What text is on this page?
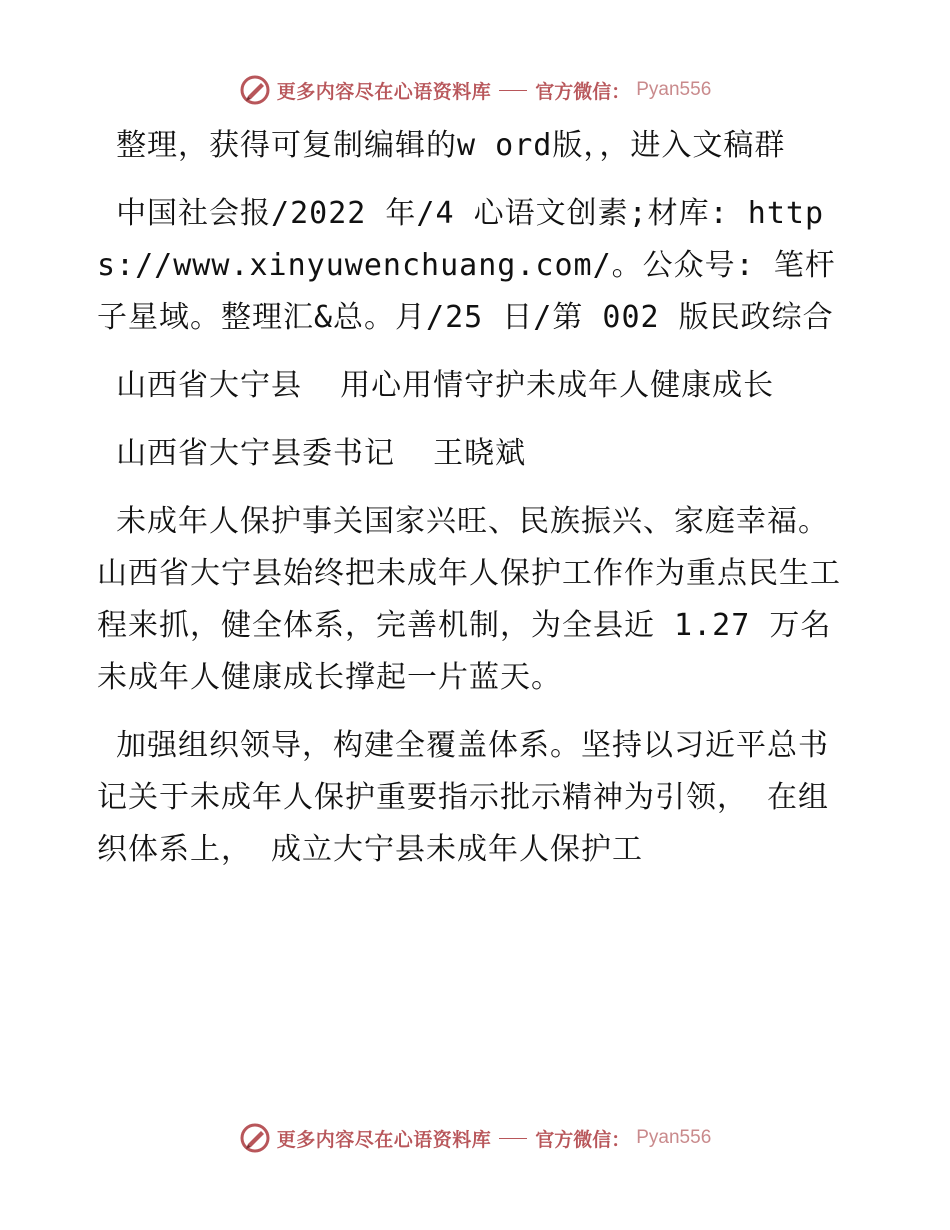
更多内容尽在心语资料库 官方微信： Pyan556

整理，获得可复制编辑的w ord版，，进入文稿群

中国社会报/2022 年/4 心语文创素;材库: https://www.xinyuwenchuang.com/。公众号: 笔杆子星域。整理汇&总。月/25 日/第 002 版民政综合

山西省大宁县  用心用情守护未成年人健康成长

山西省大宁县委书记  王晓斌

未成年人保护事关国家兴旺、民族振兴、家庭幸福。山西省大宁县始终把未成年人保护工作作为重点民生工程来抓，健全体系，完善机制，为全县近 1.27 万名未成年人健康成长撑起一片蓝天。

加强组织领导，构建全覆盖体系。坚持以习近平总书记关于未成年人保护重要指示批示精神为引领， 在组织体系上， 成立大宁县未成年人保护工

更多内容尽在心语资料库 官方微信： Pyan556
